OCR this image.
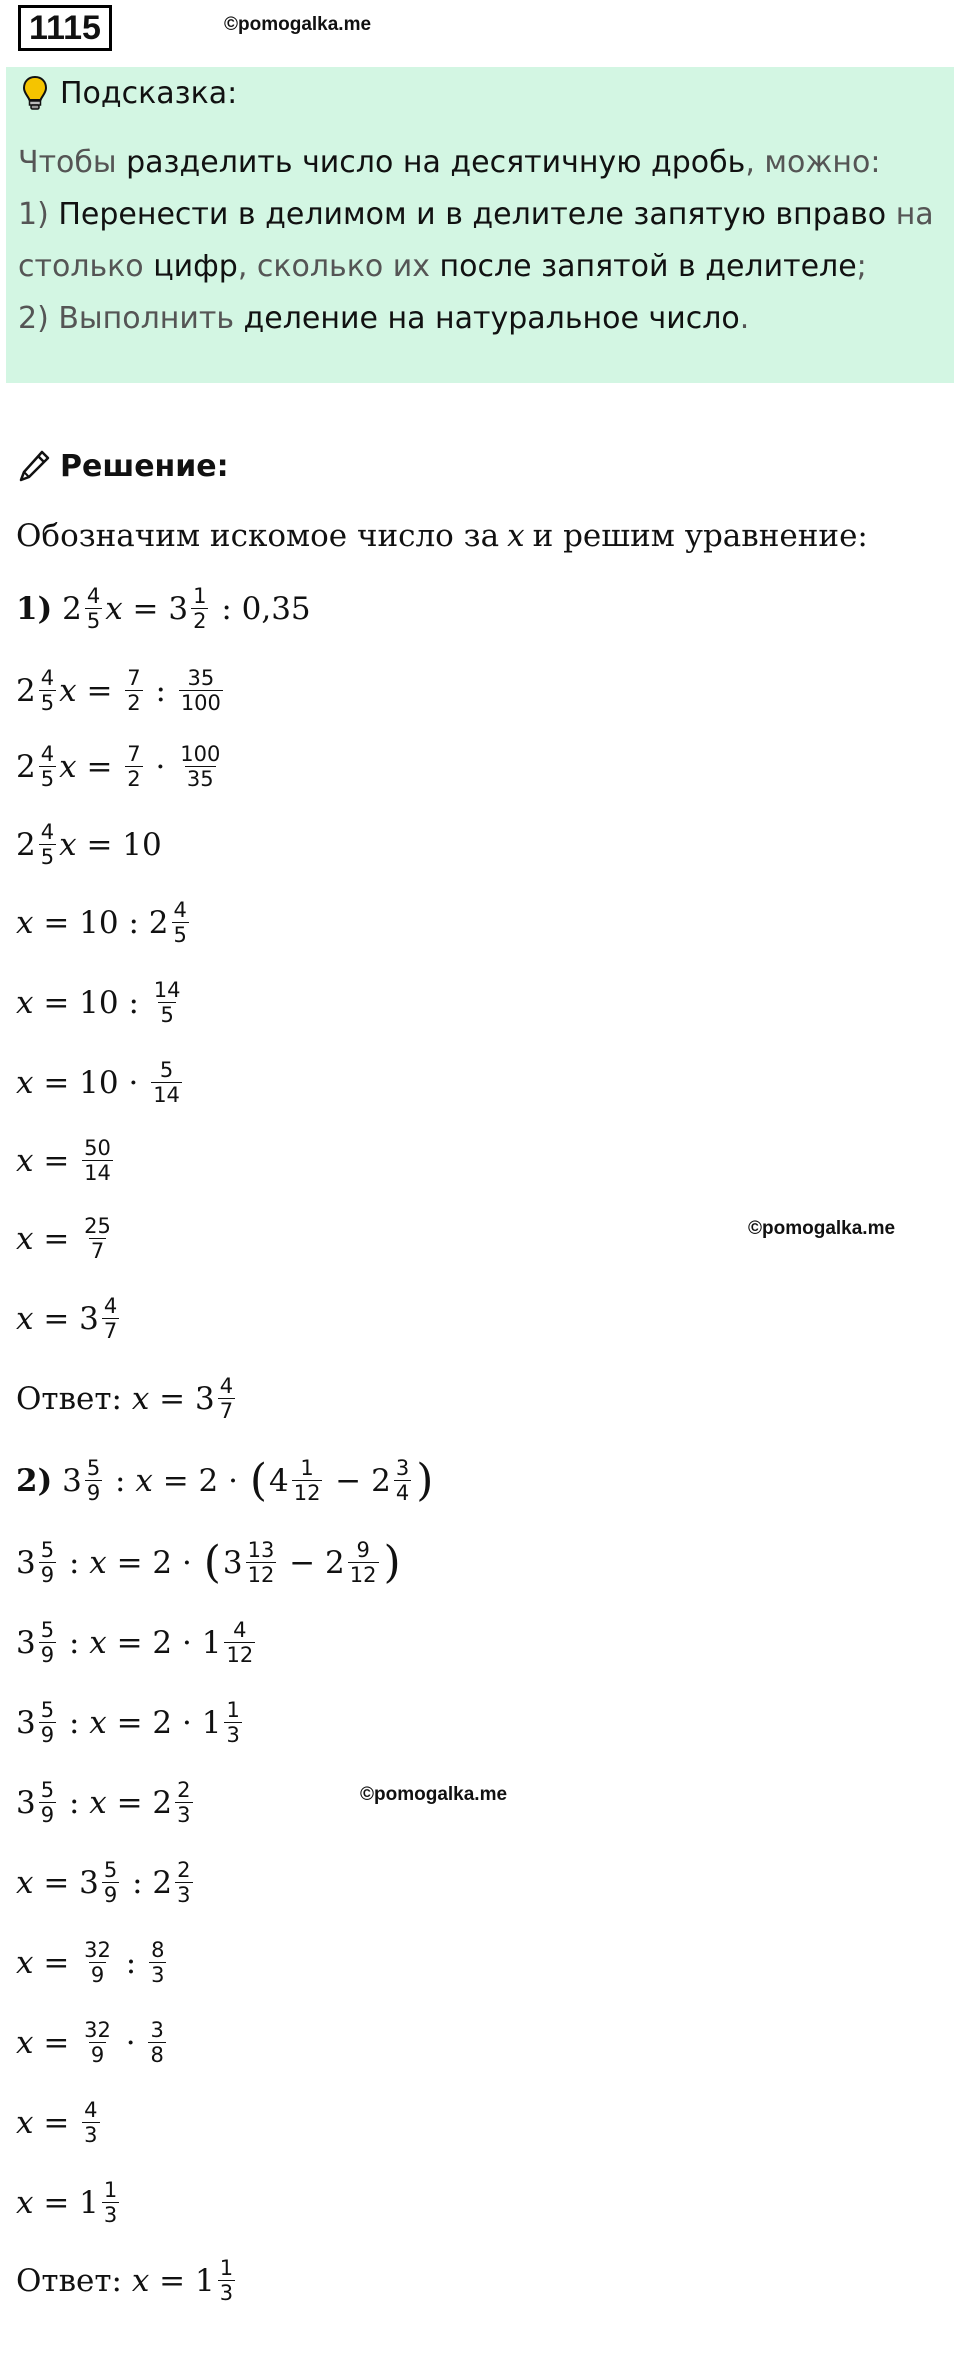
1115	©pomogalka.me
Подсказка:
Чтобы разделить число на десятичную дробь, можно:
1) Перенести в делимом и в делителе запятую вправо на
столько цифр, сколько их после запятой в делителе;
2) Выполнить деление на натуральное число.
Решение:
Обозначим искомое число за x и решим уравнение:
1) $2 \frac{4}{5}$ $x = 3 \frac{1}{2}$ : 0,35
$2 \frac{4}{5}$ $x = \frac{7}{2}$ : $\frac{35}{100}$
$2 \frac{4}{5}$ $x = \frac{7}{2} \cdot \frac{100}{35}$
$2 \frac{4}{5}$ x = 10
x = 10 : $2 \frac{4}{5}$
x = 10 : $\frac{14}{5}$
$x = 10 \cdot \frac{5}{14}$
$x = \frac{50}{14}$
$x = \frac{25}{7}$
$x = 3 \frac{4}{7}$
Ответ: $x = 3 \frac{4}{7}$
2) $3 \frac{5}{9}$ : x = 2 · ( $4 \frac{1}{12} - 2 \frac{3}{4}$ )
$3 \frac{5}{9}$ : x = 2 · ( $3 \frac{13}{12} - 2 \frac{9}{12}$ )
$3 \frac{5}{9}$ : $x = 2 \cdot 1 \frac{4}{12}$
$3 \frac{5}{9}$ : $x = 2 \cdot 1 \frac{1}{3}$
$3 \frac{5}{9}$ : $x = 2 \frac{2}{3}$
$x = 3 \frac{5}{9}$ : $2 \frac{2}{3}$
$x = \frac{32}{9}$ : $\frac{8}{3}$
$x = \frac{32}{9} \cdot \frac{3}{8}$
$x = \frac{4}{3}$
$x = 1 \frac{1}{3}$
Ответ: $x = 1 \frac{1}{3}$
©pomogalka.me
©pomogalka.me
